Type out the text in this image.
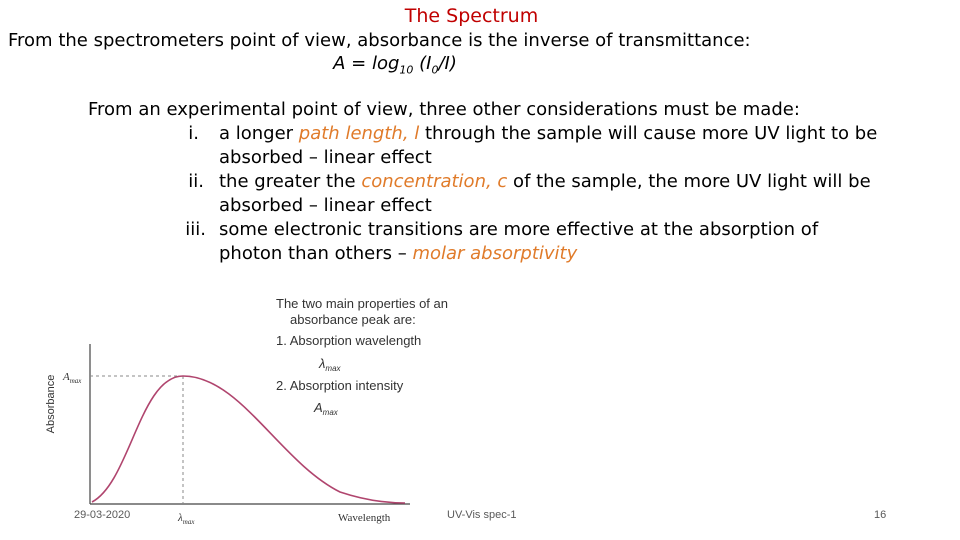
The Spectrum
From the spectrometers point of view, absorbance is the inverse of transmittance:
$A = \log_{10} (I_0/I)$
From an experimental point of view, three other considerations must be made:
i. a longer path length, l through the sample will cause more UV light to be
absorbed – linear effect
ii. the greater the concentration, c of the sample, the more UV light will be
absorbed – linear effect
iii. some electronic transitions are more effective at the absorption of
photon than others – molar absorptivity
The two main properties of an
absorbance peak are:
1. Absorption wavelength
$\lambda_{max}$
2. Absorption intensity
$A_{max}$
Absorbance
Wavelength
$A_{max}$
$\lambda_{max}$
29-03-2020	UV-Vis spec-1	16
